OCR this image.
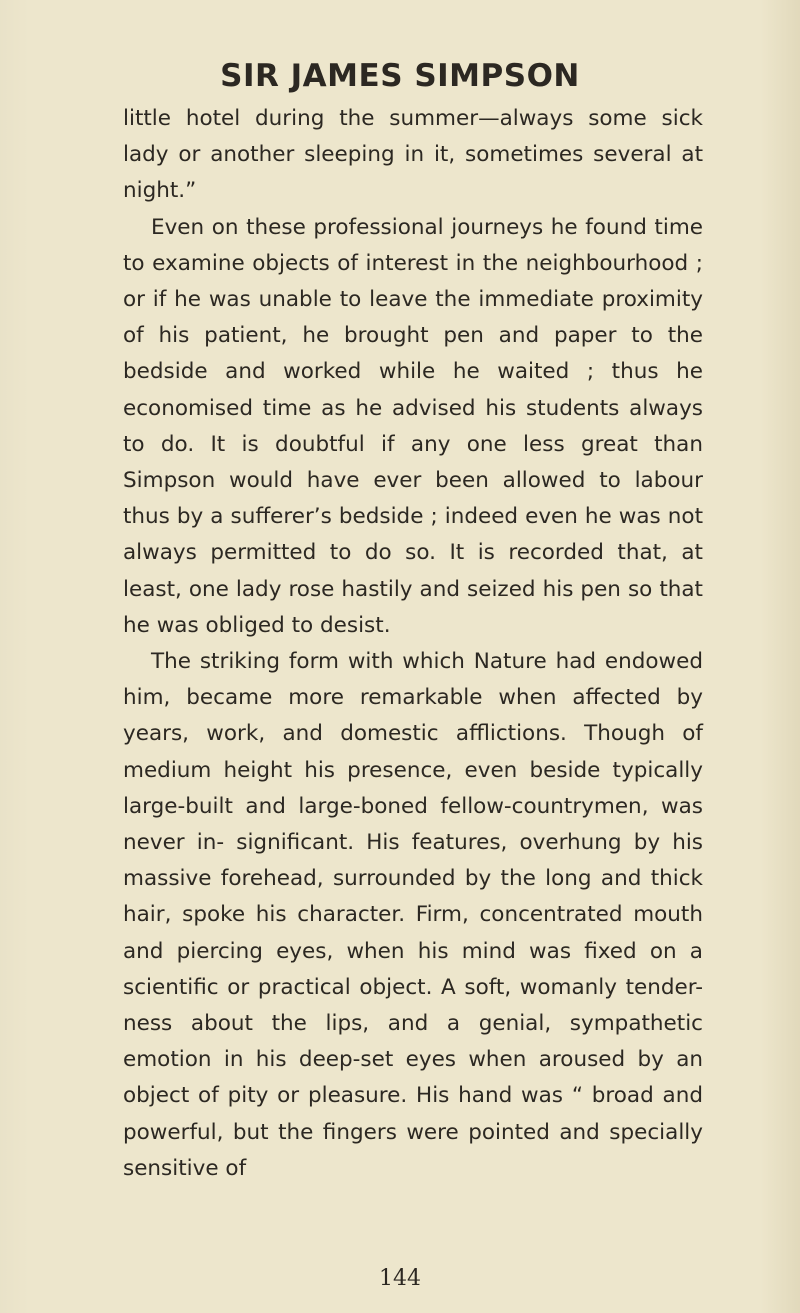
SIR JAMES SIMPSON

little hotel during the summer—always some sick lady or another sleeping in it, sometimes several at night.”

Even on these professional journeys he found time to examine objects of interest in the neighbourhood ; or if he was unable to leave the immediate proximity of his patient, he brought pen and paper to the bedside and worked while he waited ; thus he economised time as he advised his students always to do. It is doubtful if any one less great than Simpson would have ever been allowed to labour thus by a sufferer’s bedside ; indeed even he was not always permitted to do so. It is recorded that, at least, one lady rose hastily and seized his pen so that he was obliged to desist.

The striking form with which Nature had endowed him, became more remarkable when affected by years, work, and domestic afflictions. Though of medium height his presence, even beside typically large-built and large-boned fellow-countrymen, was never in- significant. His features, overhung by his massive forehead, surrounded by the long and thick hair, spoke his character. Firm, concentrated mouth and piercing eyes, when his mind was fixed on a scientific or practical object. A soft, womanly tender- ness about the lips, and a genial, sympathetic emotion in his deep-set eyes when aroused by an object of pity or pleasure. His hand was “ broad and powerful, but the fingers were pointed and specially sensitive of

144
